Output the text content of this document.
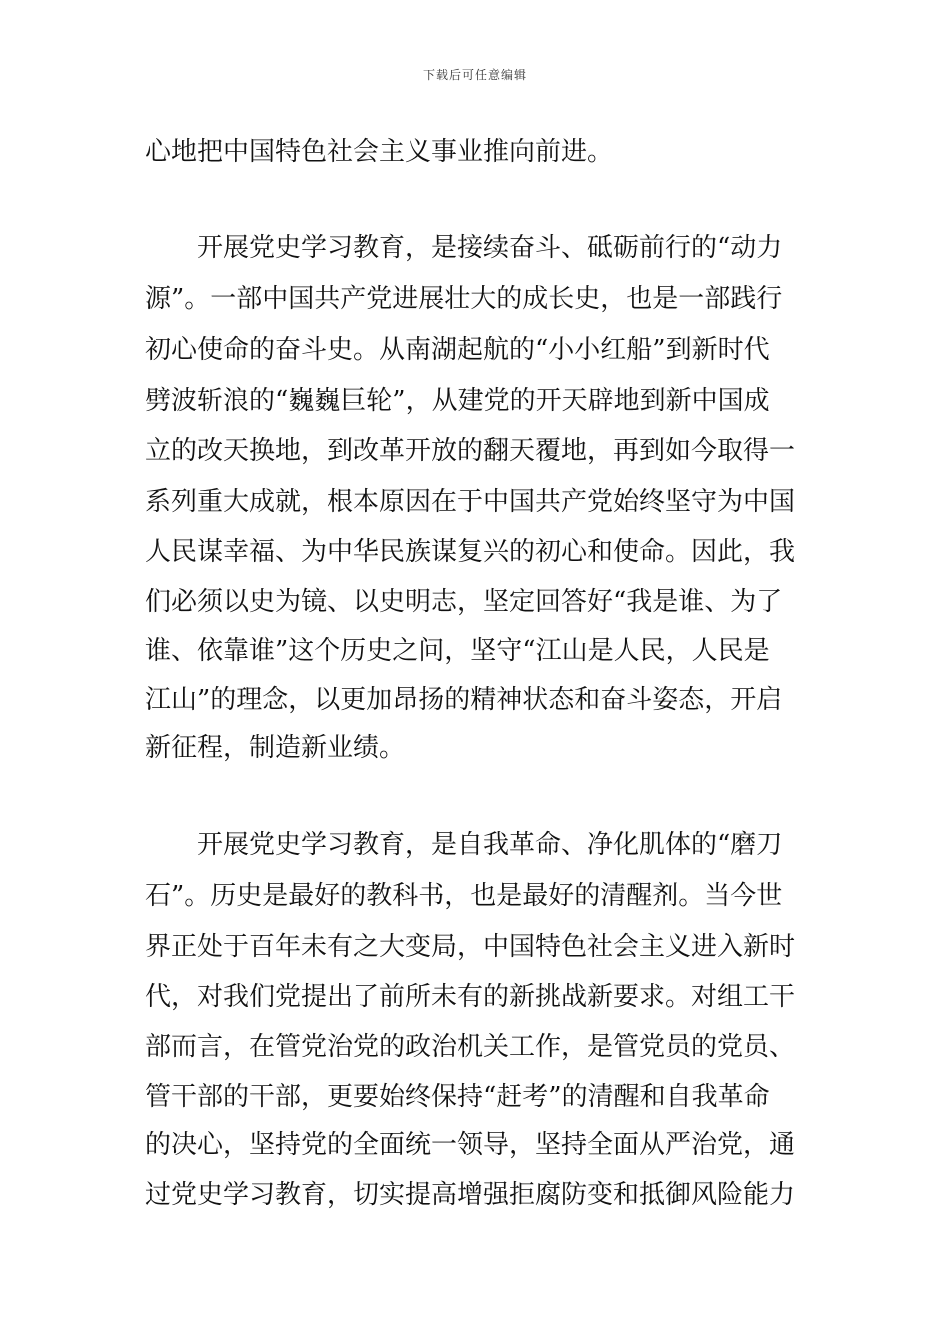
下载后可任意编辑
心地把中国特色社会主义事业推向前进。
　　开展党史学习教育，是接续奋斗、砥砺前行的“动力
源”。一部中国共产党进展壮大的成长史，也是一部践行
初心使命的奋斗史。从南湖起航的“小小红船”到新时代
劈波斩浪的“巍巍巨轮”，从建党的开天辟地到新中国成
立的改天换地，到改革开放的翻天覆地，再到如今取得一
系列重大成就，根本原因在于中国共产党始终坚守为中国
人民谋幸福、为中华民族谋复兴的初心和使命。因此，我
们必须以史为镜、以史明志，坚定回答好“我是谁、为了
谁、依靠谁”这个历史之问，坚守“江山是人民，人民是
江山”的理念，以更加昂扬的精神状态和奋斗姿态，开启
新征程，制造新业绩。
　　开展党史学习教育，是自我革命、净化肌体的“磨刀
石”。历史是最好的教科书，也是最好的清醒剂。当今世
界正处于百年未有之大变局，中国特色社会主义进入新时
代，对我们党提出了前所未有的新挑战新要求。对组工干
部而言，在管党治党的政治机关工作，是管党员的党员、
管干部的干部，更要始终保持“赶考”的清醒和自我革命
的决心，坚持党的全面统一领导，坚持全面从严治党，通
过党史学习教育，切实提高增强拒腐防变和抵御风险能力
